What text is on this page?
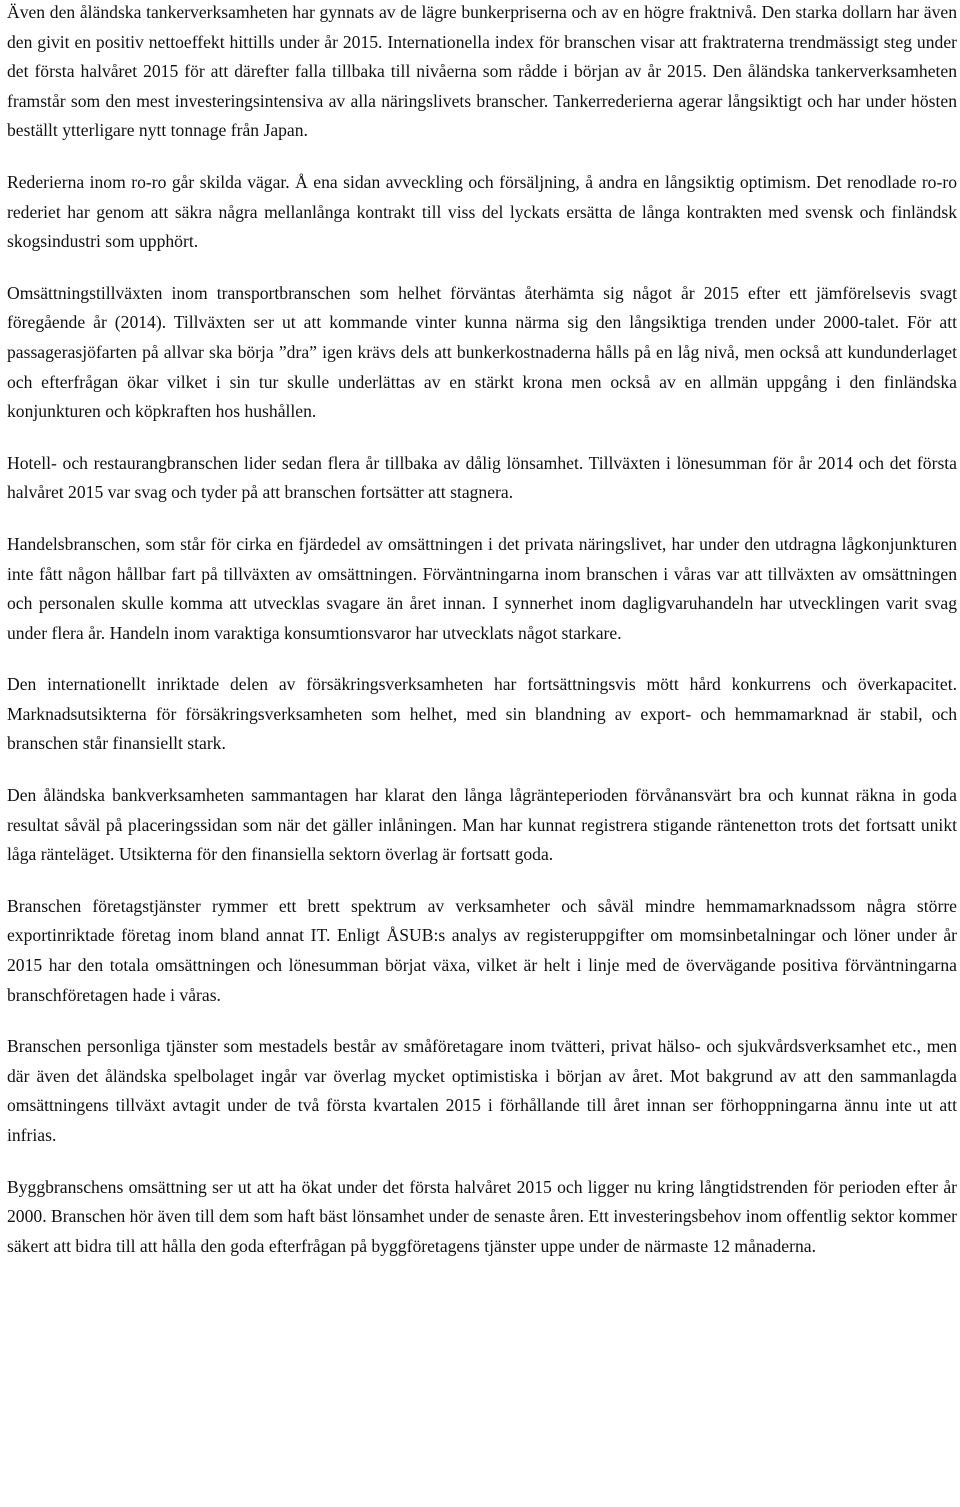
Även den åländska tankerverksamheten har gynnats av de lägre bunkerpriserna och av en högre fraktnivå. Den starka dollarn har även den givit en positiv nettoeffekt hittills under år 2015. Internationella index för branschen visar att fraktraterna trendmässigt steg under det första halvåret 2015 för att därefter falla tillbaka till nivåerna som rådde i början av år 2015. Den åländska tankerverksamheten framstår som den mest investeringsintensiva av alla näringslivets branscher. Tankerrederierna agerar långsiktigt och har under hösten beställt ytterligare nytt tonnage från Japan.

Rederierna inom ro-ro går skilda vägar. Å ena sidan avveckling och försäljning, å andra en långsiktig optimism. Det renodlade ro-ro rederiet har genom att säkra några mellanlånga kontrakt till viss del lyckats ersätta de långa kontrakten med svensk och finländsk skogsindustri som upphört.

Omsättningstillväxten inom transportbranschen som helhet förväntas återhämta sig något år 2015 efter ett jämförelsevis svagt föregående år (2014). Tillväxten ser ut att kommande vinter kunna närma sig den långsiktiga trenden under 2000-talet. För att passagerasjöfarten på allvar ska börja ”dra” igen krävs dels att bunkerkostnaderna hålls på en låg nivå, men också att kundunderlaget och efterfrågan ökar vilket i sin tur skulle underlättas av en stärkt krona men också av en allmän uppgång i den finländska konjunkturen och köpkraften hos hushållen.

Hotell- och restaurangbranschen lider sedan flera år tillbaka av dålig lönsamhet. Tillväxten i lönesumman för år 2014 och det första halvåret 2015 var svag och tyder på att branschen fortsätter att stagnera.

Handelsbranschen, som står för cirka en fjärdedel av omsättningen i det privata näringslivet, har under den utdragna lågkonjunkturen inte fått någon hållbar fart på tillväxten av omsättningen. Förväntningarna inom branschen i våras var att tillväxten av omsättningen och personalen skulle komma att utvecklas svagare än året innan. I synnerhet inom dagligvaruhandeln har utvecklingen varit svag under flera år. Handeln inom varaktiga konsumtionsvaror har utvecklats något starkare.

Den internationellt inriktade delen av försäkringsverksamheten har fortsättningsvis mött hård konkurrens och överkapacitet. Marknadsutsikterna för försäkringsverksamheten som helhet, med sin blandning av export- och hemmamarknad är stabil, och branschen står finansiellt stark.

Den åländska bankverksamheten sammantagen har klarat den långa lågränteperioden förvånansvärt bra och kunnat räkna in goda resultat såväl på placeringssidan som när det gäller inlåningen. Man har kunnat registrera stigande räntenetton trots det fortsatt unikt låga ränteläget. Utsikterna för den finansiella sektorn överlag är fortsatt goda.

Branschen företagstjänster rymmer ett brett spektrum av verksamheter och såväl mindre hemmamarknadssom några större exportinriktade företag inom bland annat IT. Enligt ÅSUB:s analys av registeruppgifter om momsinbetalningar och löner under år 2015 har den totala omsättningen och lönesumman börjat växa, vilket är helt i linje med de övervägande positiva förväntningarna branschföretagen hade i våras.

Branschen personliga tjänster som mestadels består av småföretagare inom tvätteri, privat hälso- och sjukvårdsverksamhet etc., men där även det åländska spelbolaget ingår var överlag mycket optimistiska i början av året. Mot bakgrund av att den sammanlagda omsättningens tillväxt avtagit under de två första kvartalen 2015 i förhållande till året innan ser förhoppningarna ännu inte ut att infrias.

Byggbranschens omsättning ser ut att ha ökat under det första halvåret 2015 och ligger nu kring långtidstrenden för perioden efter år 2000. Branschen hör även till dem som haft bäst lönsamhet under de senaste åren. Ett investeringsbehov inom offentlig sektor kommer säkert att bidra till att hålla den goda efterfrågan på byggföretagens tjänster uppe under de närmaste 12 månaderna.
